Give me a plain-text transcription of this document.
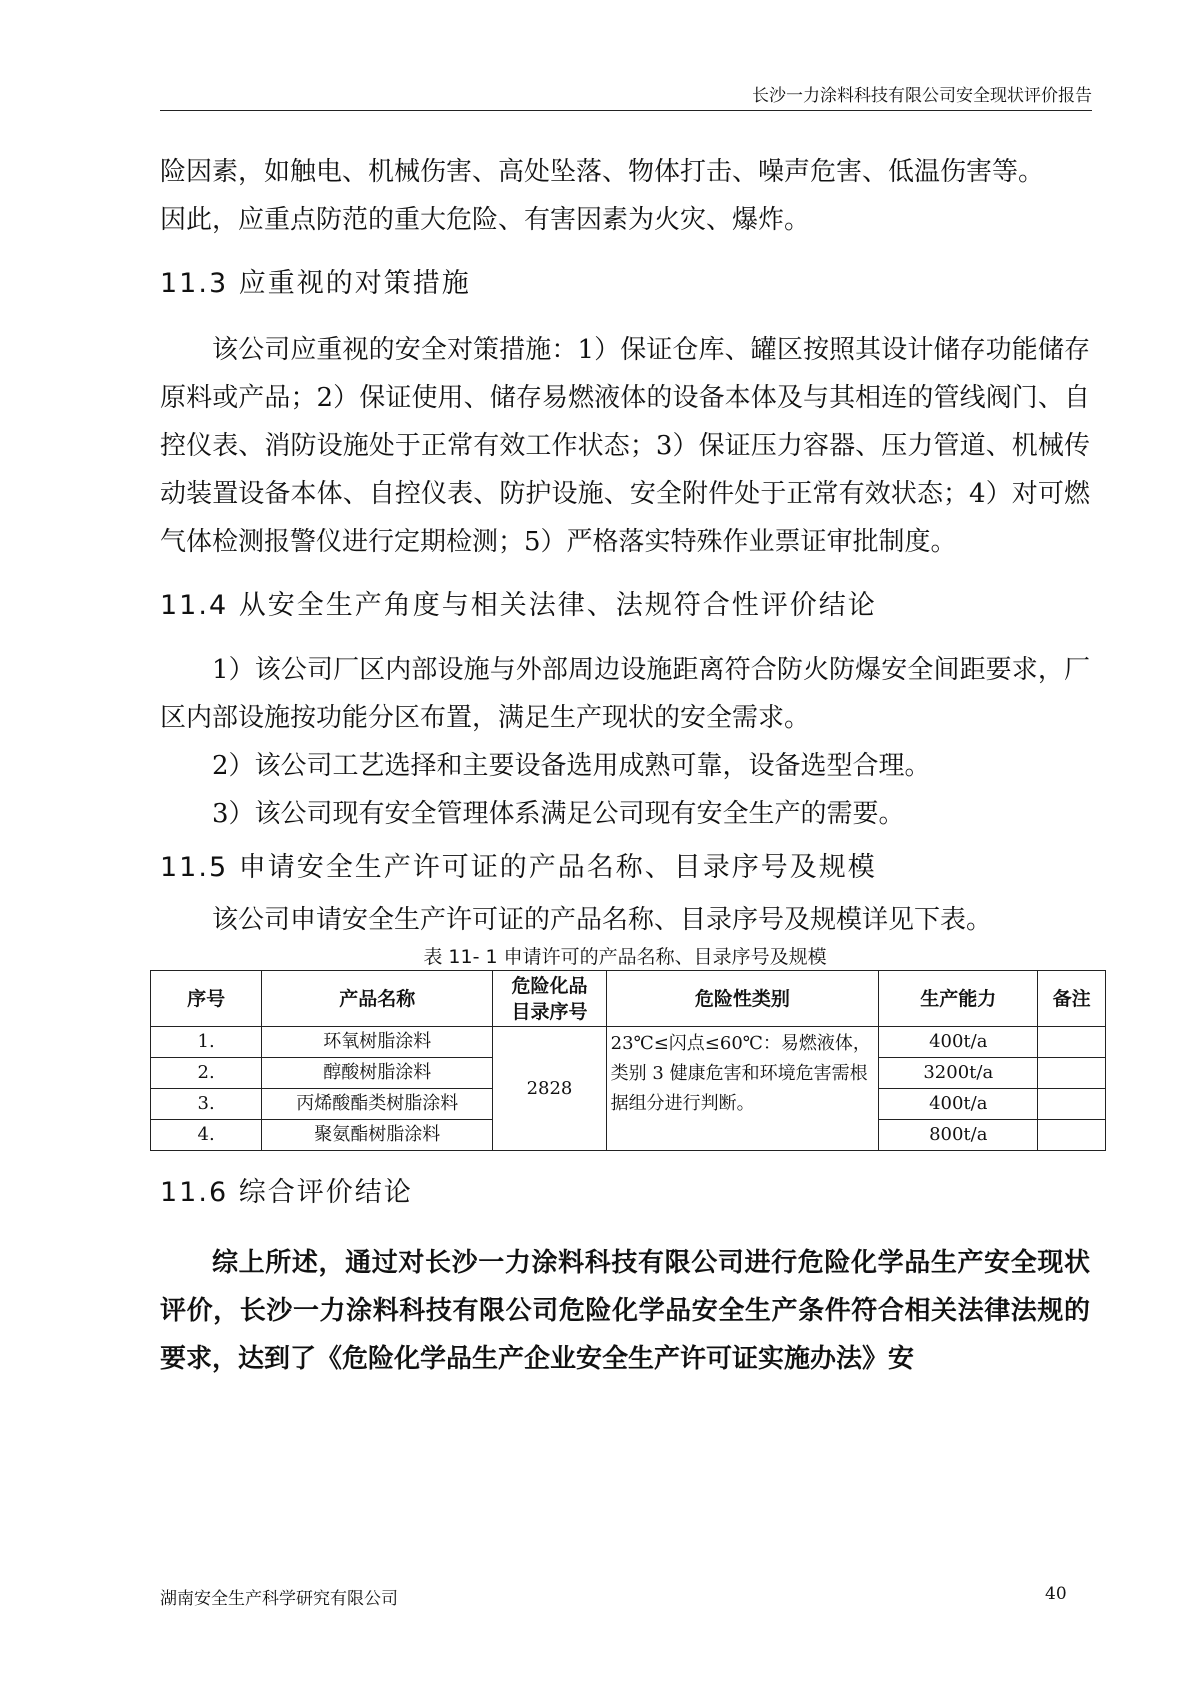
长沙一力涂料科技有限公司安全现状评价报告

险因素，如触电、机械伤害、高处坠落、物体打击、噪声危害、低温伤害等。

因此，应重点防范的重大危险、有害因素为火灾、爆炸。

11.3 应重视的对策措施

该公司应重视的安全对策措施：1）保证仓库、罐区按照其设计储存功能储存原料或产品；2）保证使用、储存易燃液体的设备本体及与其相连的管线阀门、自控仪表、消防设施处于正常有效工作状态；3）保证压力容器、压力管道、机械传动装置设备本体、自控仪表、防护设施、安全附件处于正常有效状态；4）对可燃气体检测报警仪进行定期检测；5）严格落实特殊作业票证审批制度。

11.4 从安全生产角度与相关法律、法规符合性评价结论

1）该公司厂区内部设施与外部周边设施距离符合防火防爆安全间距要求，厂区内部设施按功能分区布置，满足生产现状的安全需求。

2）该公司工艺选择和主要设备选用成熟可靠，设备选型合理。

3）该公司现有安全管理体系满足公司现有安全生产的需要。

11.5 申请安全生产许可证的产品名称、目录序号及规模

该公司申请安全生产许可证的产品名称、目录序号及规模详见下表。

表 11- 1 申请许可的产品名称、目录序号及规模

序号	产品名称	危险化品
目录序号	危险性类别	生产能力	备注
1.	环氧树脂涂料	2828	23℃≤闪点≤60℃：易燃液体，类别 3 健康危害和环境危害需根据组分进行判断。	400t/a	
2.	醇酸树脂涂料			3200t/a	
3.	丙烯酸酯类树脂涂料			400t/a	
4.	聚氨酯树脂涂料			800t/a	
11.6 综合评价结论

综上所述，通过对长沙一力涂料科技有限公司进行危险化学品生产安全现状评价，长沙一力涂料科技有限公司危险化学品安全生产条件符合相关法律法规的要求，达到了《危险化学品生产企业安全生产许可证实施办法》安

湖南安全生产科学研究有限公司	40
